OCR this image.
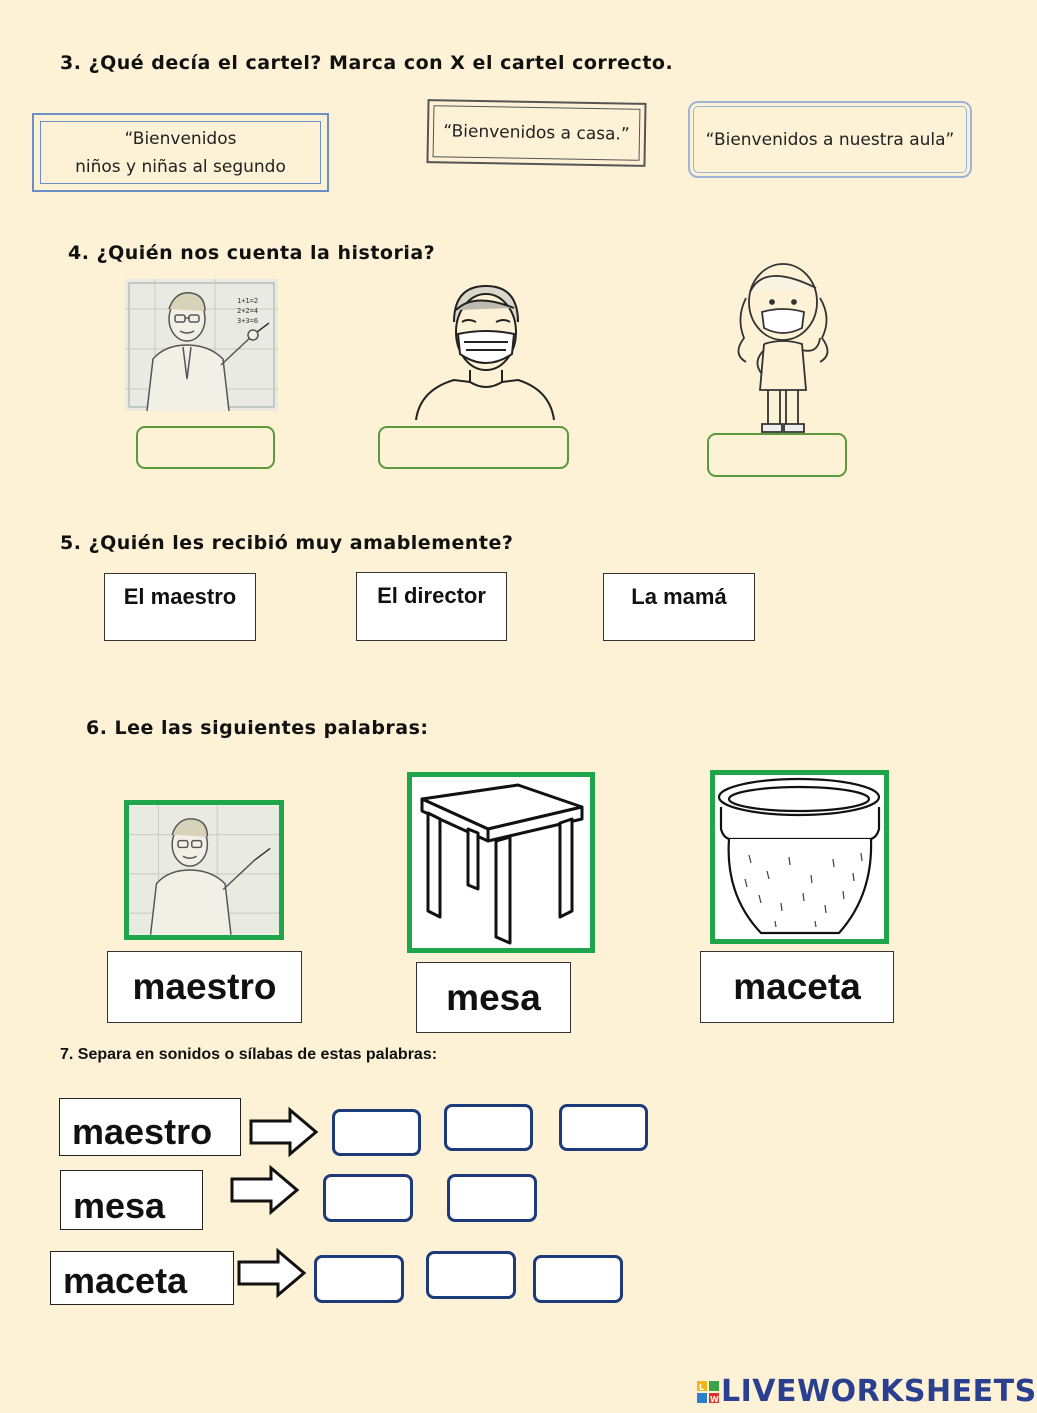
3. ¿Qué decía el cartel? Marca con X el cartel correcto.
“Bienvenidos
niños y niñas al segundo
“Bienvenidos a casa.”	“Bienvenidos a nuestra aula”
4. ¿Quién nos cuenta la historia?
1+1=2
2+2=4
3+3=6
5. ¿Quién les recibió muy amablemente?
El maestro	El director	La mamá
6. Lee las siguientes palabras:
maestro	mesa	maceta
7. Separa en sonidos o sílabas de estas palabras:
maestro
mesa
maceta
L
W LIVEWORKSHEETS
